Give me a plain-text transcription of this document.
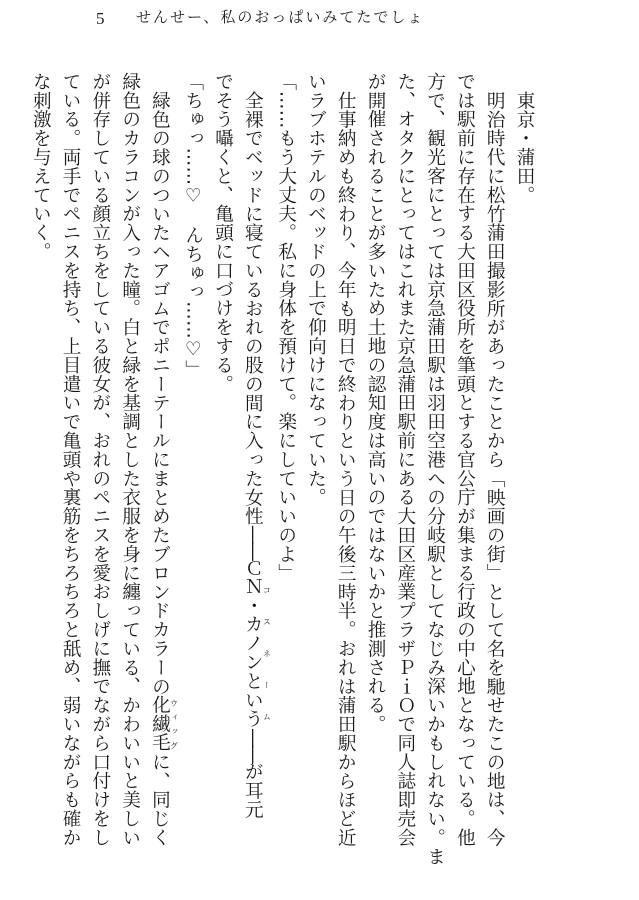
5 せんせー、私のおっぱいみてたでしょ

東京・蒲田。

明治時代に松竹蒲田撮影所があったことから「映画の街」として名を馳せたこの地は、今

では駅前に存在する大田区役所を筆頭とする官公庁が集まる行政の中心地となっている。他

方で、観光客にとっては京急蒲田駅は羽田空港への分岐駅としてなじみ深いかもしれない。ま

た、オタクにとってはこれまた京急蒲田駅前にある大田区産業プラザＰｉＯで同人誌即売会

が開催されることが多いため土地の認知度は高いのではないかと推測される。

仕事納めも終わり、今年も明日で終わりという日の午後三時半。おれは蒲田駅からほど近

いラブホテルのベッドの上で仰向けになっていた。

「……もう大丈夫。私に身体を預けて。楽にしていいのよ」

全裸でベッドに寝ているおれの股の間に入った女性――ＣＮ・カノンという コスネーム――が耳元

でそう囁くと、亀頭に口づけをする。

「ちゅっ……♡　んちゅっ……♡」

緑色の球のついたヘアゴムでポニーテールにまとめたブロンドカラーの化繊毛 ウィッグに、同じく

緑色のカラコンが入った瞳。白と緑を基調とした衣服を身に纏っている、かわいいと美しい

が併存している顔立ちをしている彼女が、おれのペニスを愛おしげに撫でながら口付けをし

ている。両手でペニスを持ち、上目遣いで亀頭や裏筋をちろちろと舐め、弱いながらも確か

な刺激を与えていく。
